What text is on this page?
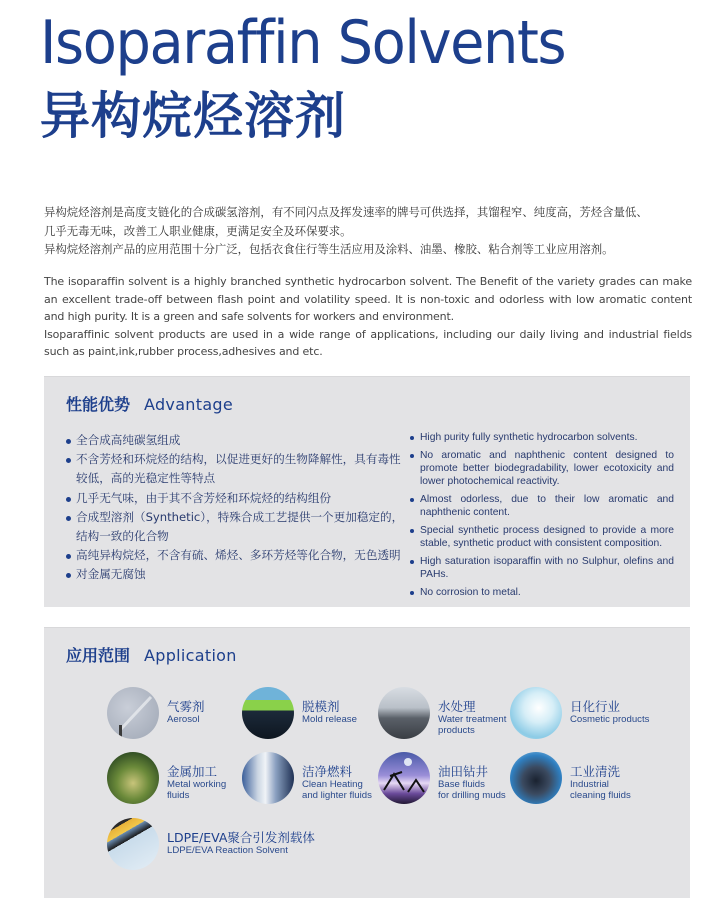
Isoparaffin Solvents
异构烷烃溶剂

异构烷烃溶剂是高度支链化的合成碳氢溶剂，有不同闪点及挥发速率的牌号可供选择，其馏程窄、纯度高，芳烃含量低、

几乎无毒无味，改善工人职业健康，更满足安全及环保要求。

异构烷烃溶剂产品的应用范围十分广泛，包括衣食住行等生活应用及涂料、油墨、橡胶、粘合剂等工业应用溶剂。

The isoparaffin solvent is a highly branched synthetic hydrocarbon solvent. The Benefit of the variety grades can make an excellent trade-off between flash point and volatility speed. It is non-toxic and odorless with low aromatic content and high purity. It is a green and safe solvents for workers and environment.

Isoparaffinic solvent products are used in a wide range of applications, including our daily living and industrial fields such as paint,ink,rubber process,adhesives and etc.

性能优势 Advantage
全合成高纯碳氢组成
不含芳烃和环烷烃的结构，以促进更好的生物降解性，具有毒性较低，高的光稳定性等特点
几乎无气味，由于其不含芳烃和环烷烃的结构组份
合成型溶剂（Synthetic），特殊合成工艺提供一个更加稳定的，结构一致的化合物
高纯异构烷烃，不含有硫、烯烃、多环芳烃等化合物，无色透明
对金属无腐蚀
High purity fully synthetic hydrocarbon solvents.
No aromatic and naphthenic content designed to promote better biodegradability, lower ecotoxicity and lower photochemical reactivity.
Almost odorless, due to their low aromatic and naphthenic content.
Special synthetic process designed to provide a more stable, synthetic product with consistent composition.
High saturation isoparaffin with no Sulphur, olefins and PAHs.
No corrosion to metal.
应用范围 Application
气雾剂
Aerosol
脱模剂
Mold release
水处理
Water treatment
products
日化行业
Cosmetic products
金属加工
Metal working
fluids
洁净燃料
Clean Heating
and lighter fluids
油田钻井
Base fluids
for drilling muds
工业清洗
Industrial
cleaning fluids
LDPE/EVA聚合引发剂载体
LDPE/EVA Reaction Solvent
